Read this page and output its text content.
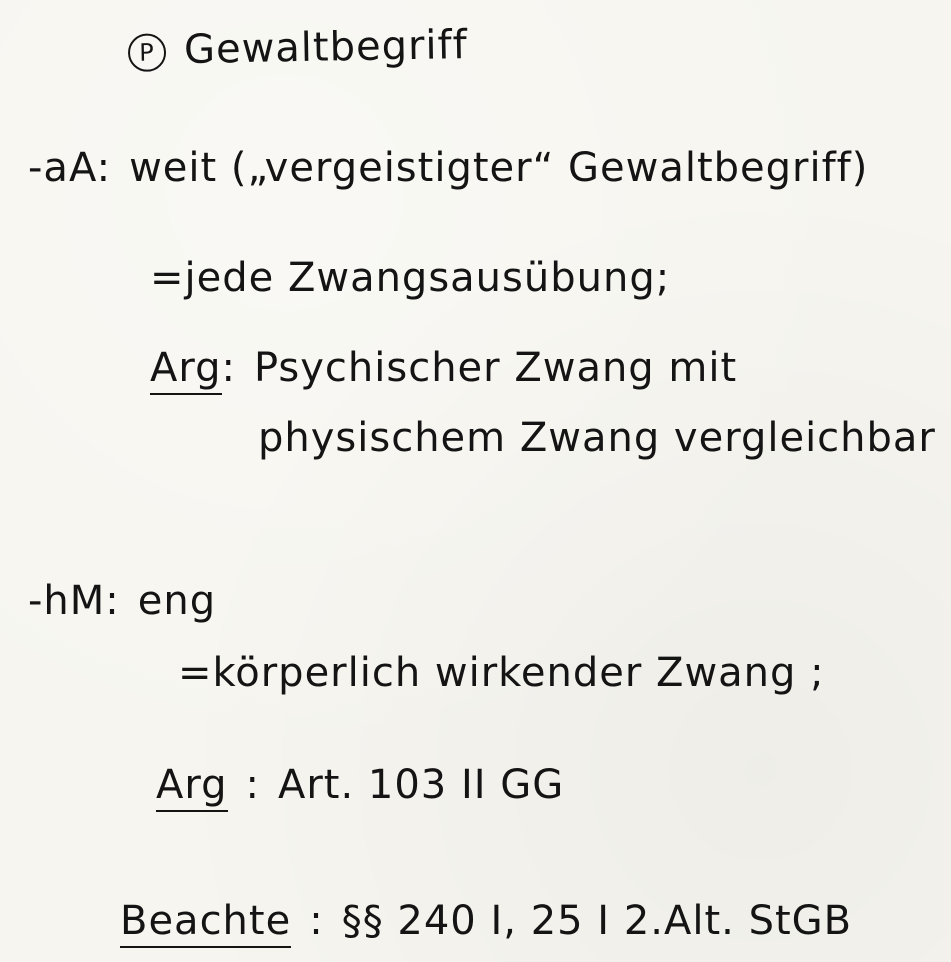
P Gewaltbegriff
-aA: weit („vergeistigter“ Gewaltbegriff)
=jede Zwangsausübung;
Arg: Psychischer Zwang mit
physischem Zwang vergleichbar
-hM: eng
=körperlich wirkender Zwang ;
Arg : Art. 103 II GG
Beachte : §§ 240 I, 25 I 2.Alt. StGB
